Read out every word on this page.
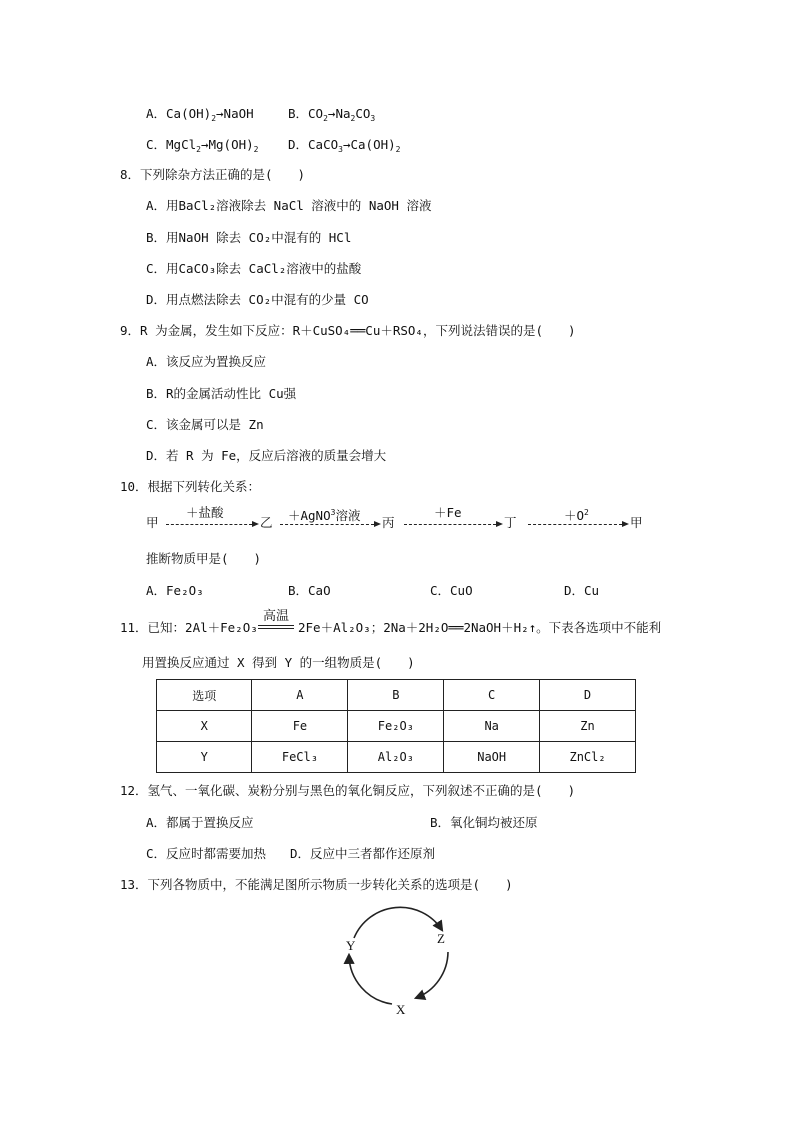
A．$Ca(OH)_2\to NaOH$	B．$CO_2\to Na_2CO_3$
C．$MgCl_2\to Mg(OH)_2$ D．$CaCO_3\to Ca(OH)_2$
8．下列除杂方法正确的是(　　)
A．用BaCl₂溶液除去 NaCl 溶液中的 NaOH 溶液
B．用NaOH 除去 CO₂中混有的 HCl
C．用CaCO₃除去 CaCl₂溶液中的盐酸
D．用点燃法除去 CO₂中混有的少量 CO
9．R 为金属，发生如下反应：R＋CuSO₄══Cu＋RSO₄，下列说法错误的是(　　)
A．该反应为置换反应
B．R的金属活动性比 Cu强
C．该金属可以是 Zn
D．若 R 为 Fe，反应后溶液的质量会增大
10．根据下列转化关系：
甲
＋盐酸
乙 ＋AgNO$^3$溶液 丙
＋Fe
丁	$+O^2$
甲
推断物质甲是(　　)
A．Fe₂O₃	B．CaO	C．CuO	D．Cu
11．已知：2Al＋Fe₂O₃
高温
2Fe＋Al₂O₃；2Na＋2H₂O══2NaOH＋H₂↑。下表各选项中不能利
用置换反应通过 X 得到 Y 的一组物质是(　　)
选项	A	B	C	D
X	Fe	Fe₂O₃	Na	Zn
Y	FeCl₃	Al₂O₃	NaOH	ZnCl₂
12．氢气、一氧化碳、炭粉分别与黑色的氧化铜反应，下列叙述不正确的是(　　)
A．都属于置换反应	B．氧化铜均被还原
C．反应时都需要加热 D．反应中三者都作还原剂
13．下列各物质中，不能满足图所示物质一步转化关系的选项是(　　)
Y	Z
X
